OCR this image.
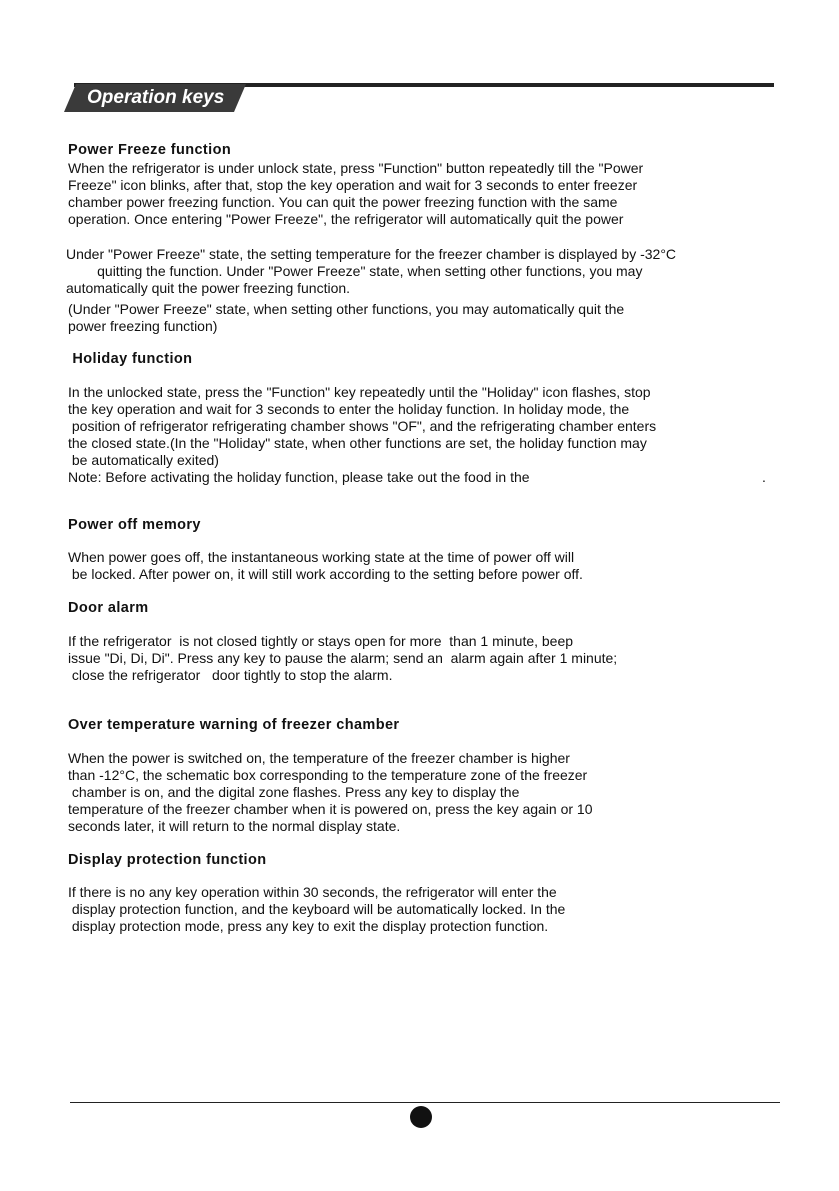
Operation keys
Power Freeze function
When the refrigerator is under unlock state, press "Function" button repeatedly till the "Power
Freeze" icon blinks, after that, stop the key operation and wait for 3 seconds to enter freezer
chamber power freezing function. You can quit the power freezing function with the same
operation. Once entering "Power Freeze", the refrigerator will automatically quit the power
Under "Power Freeze" state, the setting temperature for the freezer chamber is displayed by -32°C
quitting the function. Under "Power Freeze" state, when setting other functions, you may
automatically quit the power freezing function.
(Under "Power Freeze" state, when setting other functions, you may automatically quit the
power freezing function)
Holiday function
In the unlocked state, press the "Function" key repeatedly until the "Holiday" icon flashes, stop
the key operation and wait for 3 seconds to enter the holiday function. In holiday mode, the
position of refrigerator refrigerating chamber shows "OF", and the refrigerating chamber enters
the closed state.(In the "Holiday" state, when other functions are set, the holiday function may
be automatically exited)
Note: Before activating the holiday function, please take out the food in the	.
Power off memory
When power goes off, the instantaneous working state at the time of power off will
be locked. After power on, it will still work according to the setting before power off.
Door alarm
If the refrigerator  is not closed tightly or stays open for more  than 1 minute, beep
issue "Di, Di, Di". Press any key to pause the alarm; send an  alarm again after 1 minute;
close the refrigerator   door tightly to stop the alarm.
Over temperature warning of freezer chamber
When the power is switched on, the temperature of the freezer chamber is higher
than -12°C, the schematic box corresponding to the temperature zone of the freezer
chamber is on, and the digital zone flashes. Press any key to display the
temperature of the freezer chamber when it is powered on, press the key again or 10
seconds later, it will return to the normal display state.
Display protection function
If there is no any key operation within 30 seconds, the refrigerator will enter the
display protection function, and the keyboard will be automatically locked. In the
display protection mode, press any key to exit the display protection function.
